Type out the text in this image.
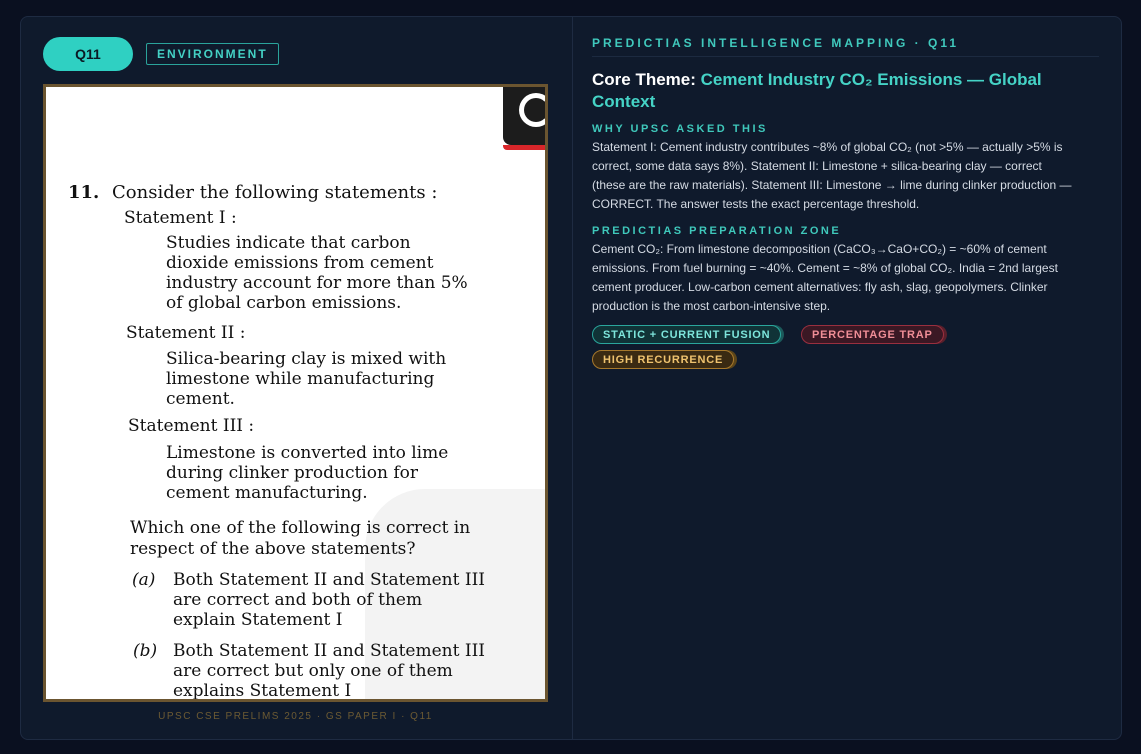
Q11	ENVIRONMENT
11. Consider the following statements :
Statement I :
Studies indicate that carbon
dioxide emissions from cement
industry account for more than 5%
of global carbon emissions.
Statement II :
Silica-bearing clay is mixed with
limestone while manufacturing
cement.
Statement III :
Limestone is converted into lime
during clinker production for
cement manufacturing.
Which one of the following is correct in
respect of the above statements?
(a) Both Statement II and Statement III
are correct and both of them
explain Statement I
(b) Both Statement II and Statement III
are correct but only one of them
explains Statement I
UPSC CSE PRELIMS 2025 · GS PAPER I · Q11
PREDICTIAS INTELLIGENCE MAPPING · Q11
Core Theme: Cement Industry CO₂ Emissions — Global Context
WHY UPSC ASKED THIS
Statement I: Cement industry contributes ~8% of global CO₂ (not >5% — actually >5% is
correct, some data says 8%). Statement II: Limestone + silica-bearing clay — correct
(these are the raw materials). Statement III: Limestone → lime during clinker production —
CORRECT. The answer tests the exact percentage threshold.
PREDICTIAS PREPARATION ZONE
Cement CO₂: From limestone decomposition (CaCO₃→CaO+CO₂) = ~60% of cement
emissions. From fuel burning = ~40%. Cement = ~8% of global CO₂. India = 2nd largest
cement producer. Low-carbon cement alternatives: fly ash, slag, geopolymers. Clinker
production is the most carbon-intensive step.
STATIC + CURRENT FUSION	PERCENTAGE TRAP
HIGH RECURRENCE
